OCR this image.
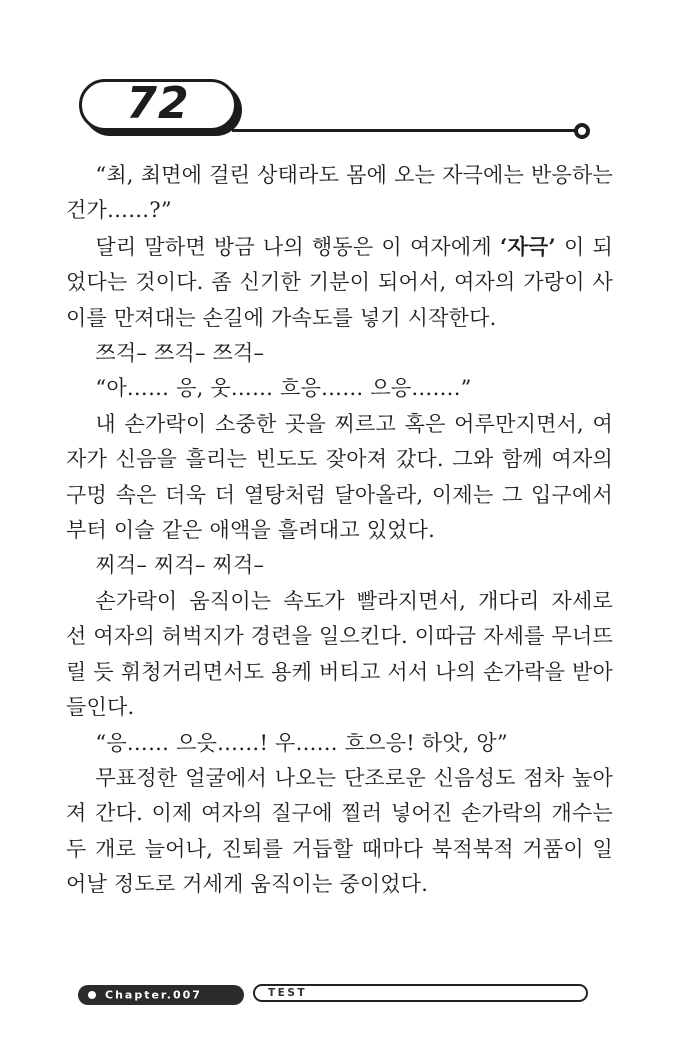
72

“최, 최면에 걸린 상태라도 몸에 오는 자극에는 반응하는 건가……?”

달리 말하면 방금 나의 행동은 이 여자에게 ‘자극’ 이 되었다는 것이다. 좀 신기한 기분이 되어서, 여자의 가랑이 사이를 만져대는 손길에 가속도를 넣기 시작한다.

쯔걱– 쯔걱– 쯔걱–

“아…… 응, 웃…… 흐응…… 으응…….”

내 손가락이 소중한 곳을 찌르고 혹은 어루만지면서, 여자가 신음을 흘리는 빈도도 잦아져 갔다. 그와 함께 여자의 구멍 속은 더욱 더 열탕처럼 달아올라, 이제는 그 입구에서부터 이슬 같은 애액을 흘려대고 있었다.

찌걱– 찌걱– 찌걱–

손가락이 움직이는 속도가 빨라지면서, 개다리 자세로 선 여자의 허벅지가 경련을 일으킨다. 이따금 자세를 무너뜨릴 듯 휘청거리면서도 용케 버티고 서서 나의 손가락을 받아들인다.

“응…… 으읏……! 우…… 흐으응! 하앗, 앙”

무표정한 얼굴에서 나오는 단조로운 신음성도 점차 높아져 간다. 이제 여자의 질구에 찔러 넣어진 손가락의 개수는 두 개로 늘어나, 진퇴를 거듭할 때마다 북적북적 거품이 일어날 정도로 거세게 움직이는 중이었다.

Chapter.007	TEST
